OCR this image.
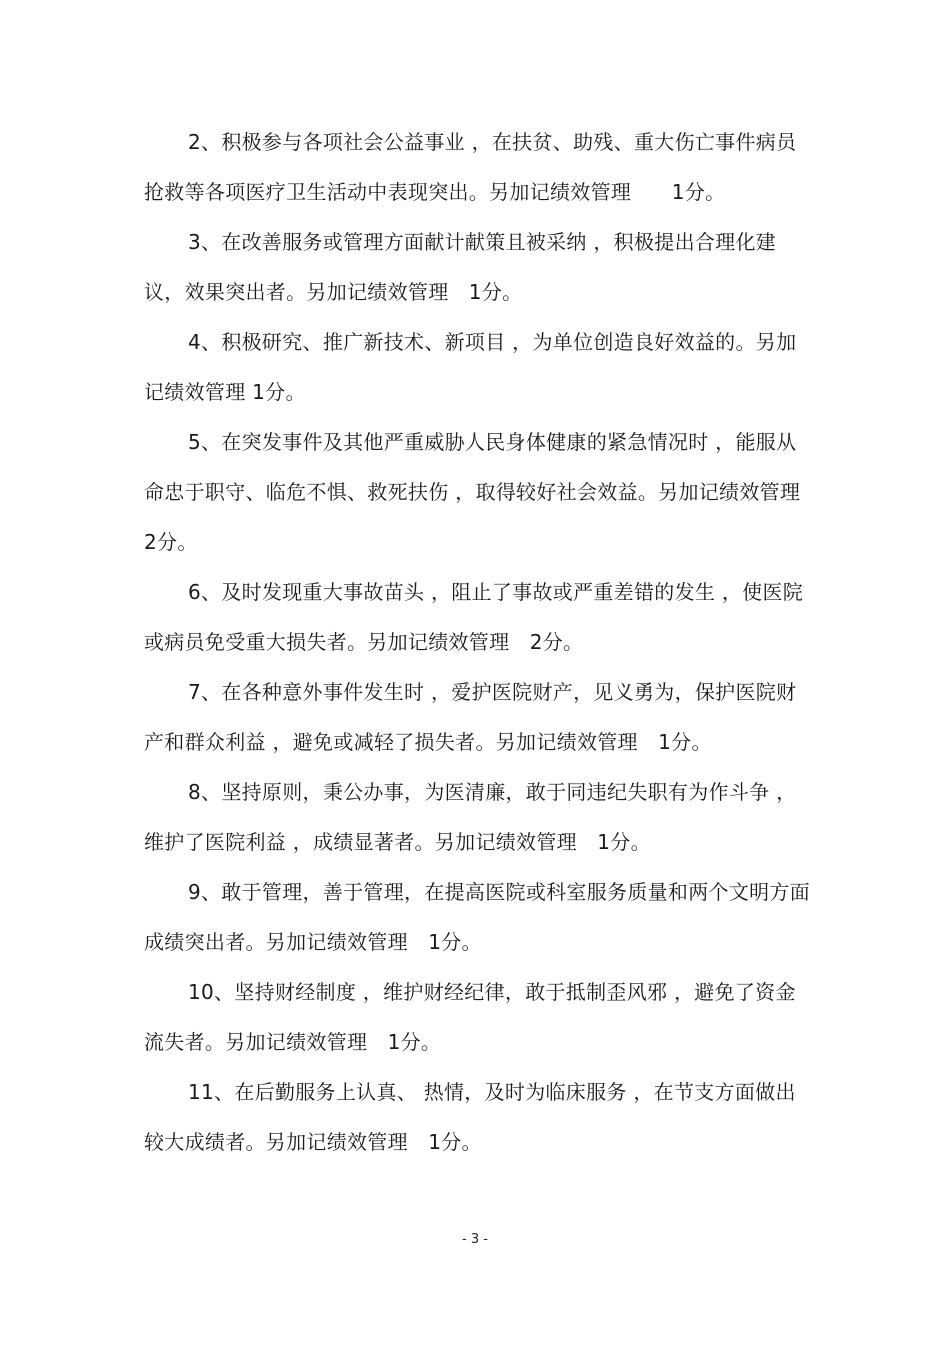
2、积极参与各项社会公益事业 ，在扶贫、助残、重大伤亡事件病员抢救等各项医疗卫生活动中表现突出。另加记绩效管理　　1分。

3、在改善服务或管理方面献计献策且被采纳 ，积极提出合理化建议，效果突出者。另加记绩效管理　1分。

4、积极研究、推广新技术、新项目 ，为单位创造良好效益的。另加记绩效管理 1分。

5、在突发事件及其他严重威胁人民身体健康的紧急情况时 ，能服从命忠于职守、临危不惧、救死扶伤 ，取得较好社会效益。另加记绩效管理 2分。

6、及时发现重大事故苗头 ，阻止了事故或严重差错的发生 ，使医院或病员免受重大损失者。另加记绩效管理　2分。

7、在各种意外事件发生时 ，爱护医院财产，见义勇为，保护医院财产和群众利益 ，避免或减轻了损失者。另加记绩效管理　1分。

8、坚持原则，秉公办事，为医清廉，敢于同违纪失职有为作斗争 ，维护了医院利益 ，成绩显著者。另加记绩效管理　1分。

9、敢于管理，善于管理，在提高医院或科室服务质量和两个文明方面成绩突出者。另加记绩效管理　1分。

10、坚持财经制度 ，维护财经纪律，敢于抵制歪风邪 ，避免了资金流失者。另加记绩效管理　1分。

11、在后勤服务上认真、 热情，及时为临床服务 ，在节支方面做出较大成绩者。另加记绩效管理　1分。

- 3 -
